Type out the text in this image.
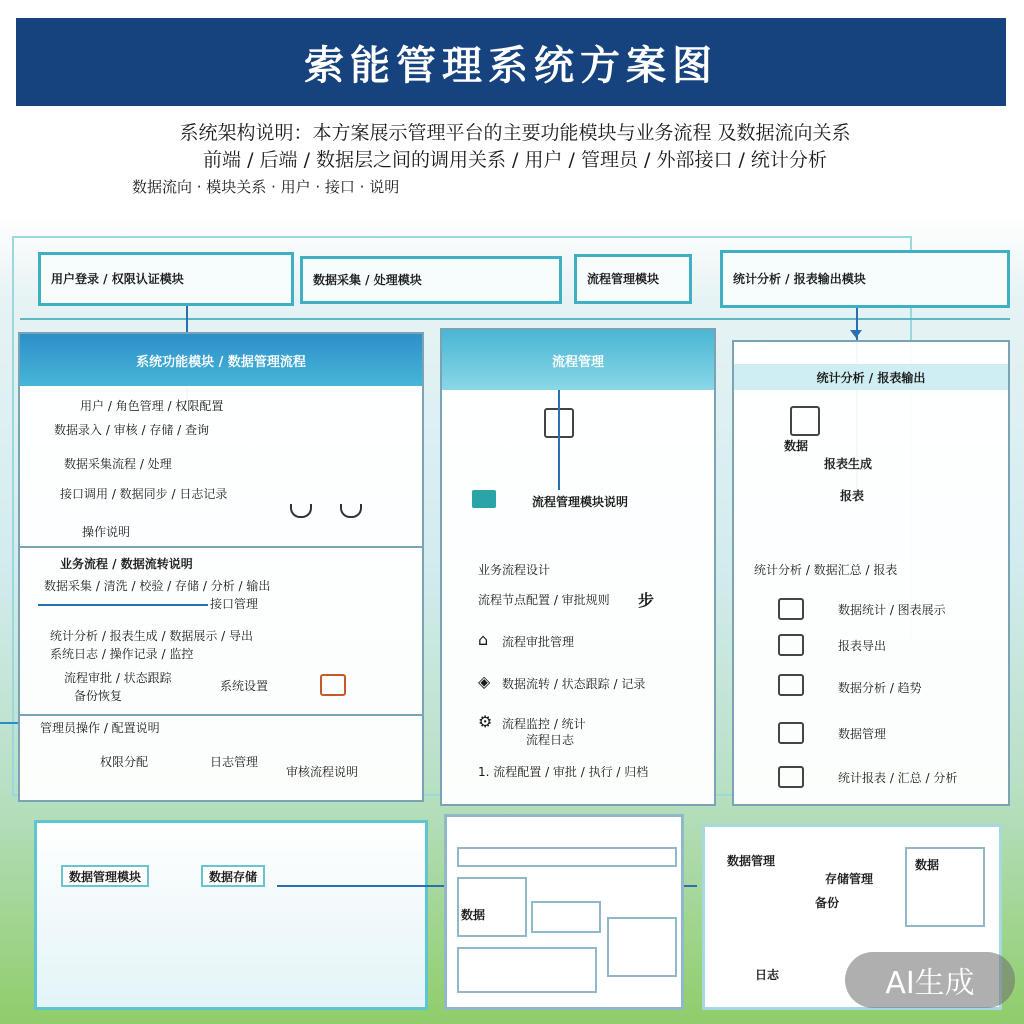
索能管理系统方案图
系统架构说明：本方案展示管理平台的主要功能模块与业务流程 及数据流向关系
前端 / 后端 / 数据层之间的调用关系 / 用户 / 管理员 / 外部接口 / 统计分析
数据流向 · 模块关系 · 用户 · 接口 · 说明
用户登录 / 权限认证模块	数据采集 / 处理模块	流程管理模块	统计分析 / 报表输出模块
系统功能模块 / 数据管理流程
用户 / 角色管理 / 权限配置
数据录入 / 审核 / 存储 / 查询
数据采集流程 / 处理
接口调用 / 数据同步 / 日志记录
操作说明
业务流程 / 数据流转说明
数据采集 / 清洗 / 校验 / 存储 / 分析 / 输出
接口管理
统计分析 / 报表生成 / 数据展示 / 导出
系统日志 / 操作记录 / 监控
流程审批 / 状态跟踪
备份恢复
系统设置
管理员操作 / 配置说明
权限分配	日志管理
审核流程说明
流程管理
流程管理模块说明
业务流程设计
流程节点配置 / 审批规则 步
流程审批管理
数据流转 / 状态跟踪 / 记录
流程监控 / 统计
流程日志
1. 流程配置 / 审批 / 执行 / 归档
⌂
◈
⚙
统计分析 / 报表输出
数据
报表生成
报表
统计分析 / 数据汇总 / 报表
数据统计 / 图表展示
报表导出
数据分析 / 趋势
数据管理
统计报表 / 汇总 / 分析
数据管理模块	数据存储
数据
数据管理
存储管理
备份
数据
日志	AI生成
